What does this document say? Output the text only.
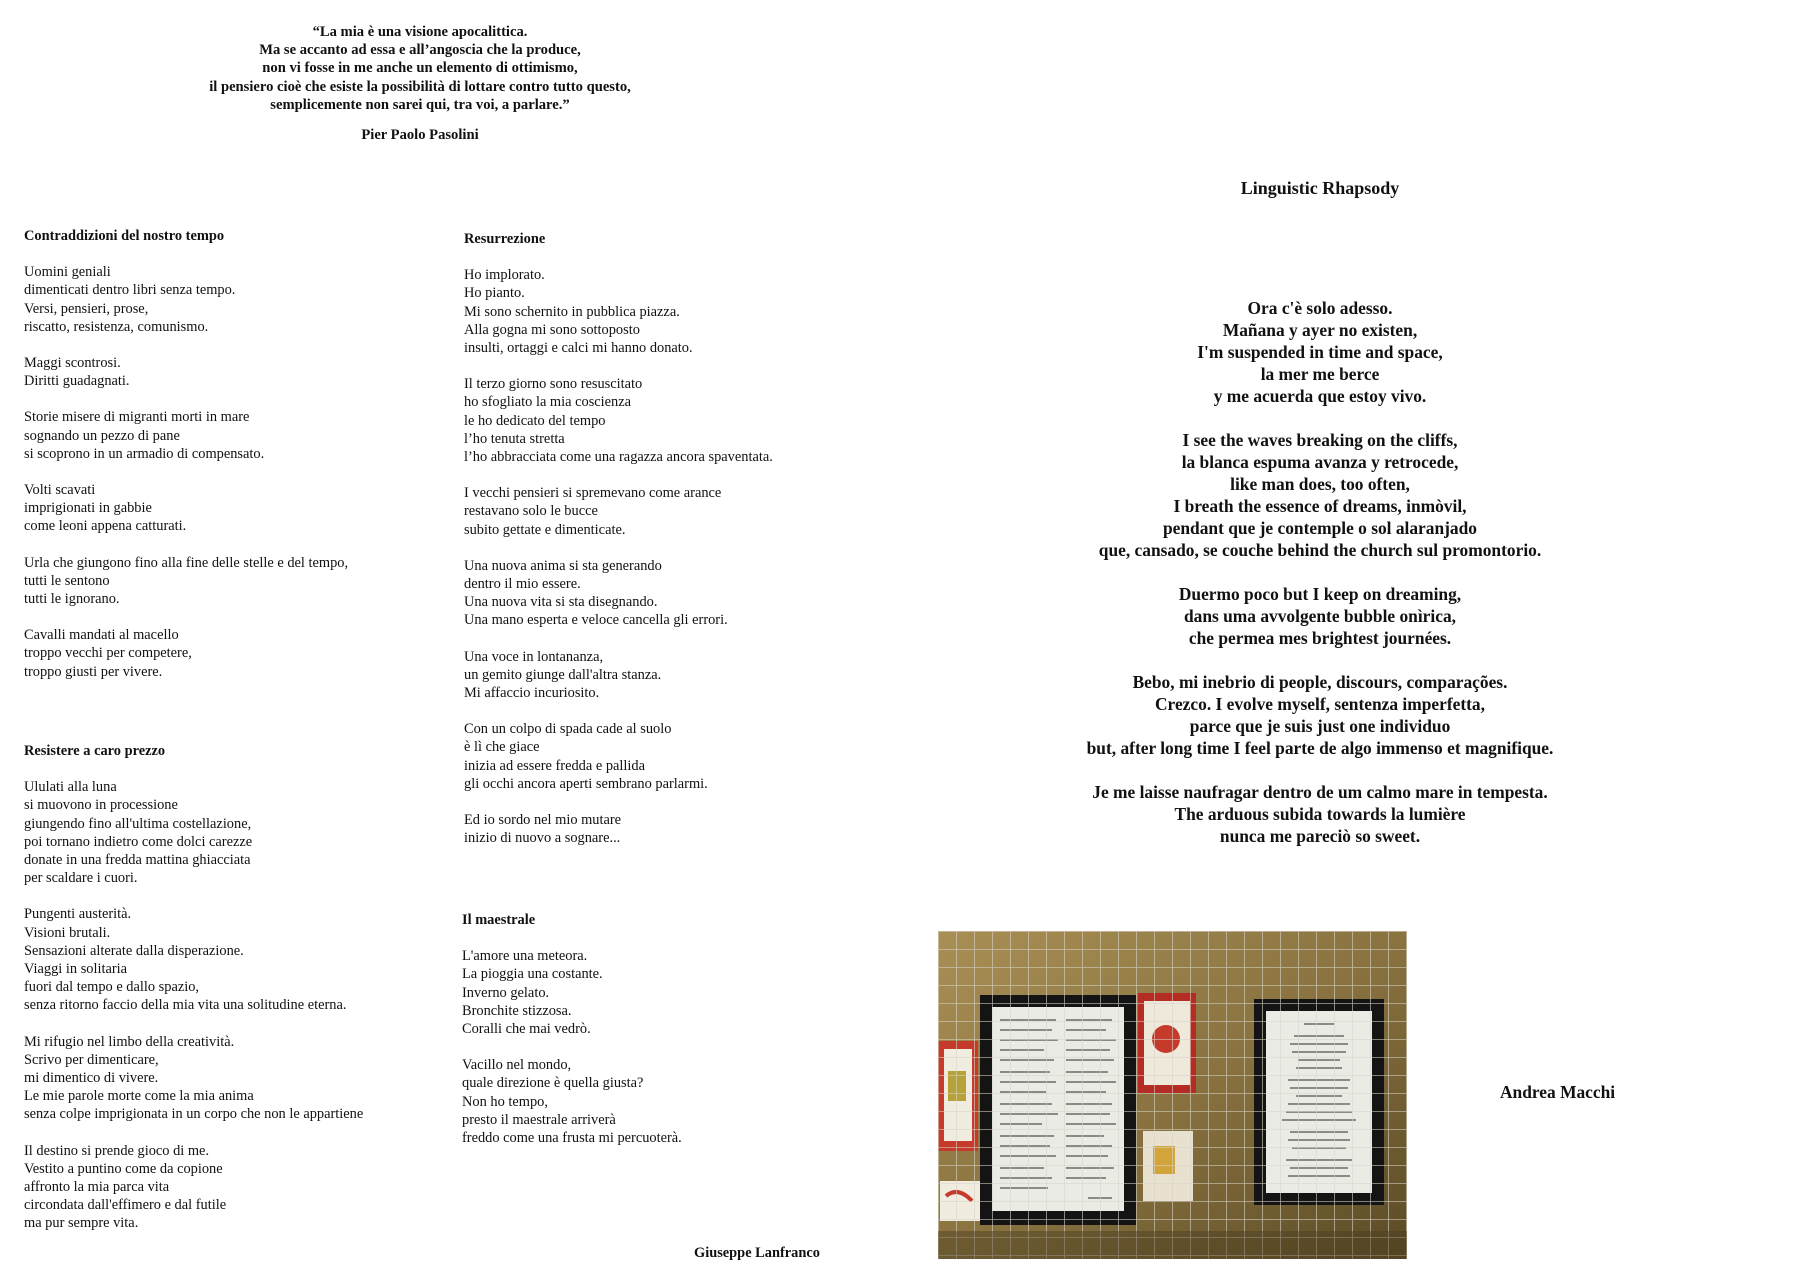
“La mia è una visione apocalittica.
Ma se accanto ad essa e all’angoscia che la produce,
non vi fosse in me anche un elemento di ottimismo,
il pensiero cioè che esiste la possibilità di lottare contro tutto questo,
semplicemente non sarei qui, tra voi, a parlare.”
Pier Paolo Pasolini
Contraddizioni del nostro tempo
Uomini geniali
dimenticati dentro libri senza tempo.
Versi, pensieri, prose,
riscatto, resistenza, comunismo.
Maggi scontrosi.
Diritti guadagnati.
Storie misere di migranti morti in mare
sognando un pezzo di pane
si scoprono in un armadio di compensato.
Volti scavati
imprigionati in gabbie
come leoni appena catturati.
Urla che giungono fino alla fine delle stelle e del tempo,
tutti le sentono
tutti le ignorano.
Cavalli mandati al macello
troppo vecchi per competere,
troppo giusti per vivere.
Resistere a caro prezzo
Ululati alla luna
si muovono in processione
giungendo fino all'ultima costellazione,
poi tornano indietro come dolci carezze
donate in una fredda mattina ghiacciata
per scaldare i cuori.
Pungenti austerità.
Visioni brutali.
Sensazioni alterate dalla disperazione.
Viaggi in solitaria
fuori dal tempo e dallo spazio,
senza ritorno faccio della mia vita una solitudine eterna.
Mi rifugio nel limbo della creatività.
Scrivo per dimenticare,
mi dimentico di vivere.
Le mie parole morte come la mia anima
senza colpe imprigionata in un corpo che non le appartiene
Il destino si prende gioco di me.
Vestito a puntino come da copione
affronto la mia parca vita
circondata dall'effimero e dal futile
ma pur sempre vita.
Resurrezione
Ho implorato.
Ho pianto.
Mi sono schernito in pubblica piazza.
Alla gogna mi sono sottoposto
insulti, ortaggi e calci mi hanno donato.
Il terzo giorno sono resuscitato
ho sfogliato la mia coscienza
le ho dedicato del tempo
l’ho tenuta stretta
l’ho abbracciata come una ragazza ancora spaventata.
I vecchi pensieri si spremevano come arance
restavano solo le bucce
subito gettate e dimenticate.
Una nuova anima si sta generando
dentro il mio essere.
Una nuova vita si sta disegnando.
Una mano esperta e veloce cancella gli errori.
Una voce in lontananza,
un gemito giunge dall'altra stanza.
Mi affaccio incuriosito.
Con un colpo di spada cade al suolo
è lì che giace
inizia ad essere fredda e pallida
gli occhi ancora aperti sembrano parlarmi.
Ed io sordo nel mio mutare
inizio di nuovo a sognare...
Il maestrale
L'amore una meteora.
La pioggia una costante.
Inverno gelato.
Bronchite stizzosa.
Coralli che mai vedrò.
Vacillo nel mondo,
quale direzione è quella giusta?
Non ho tempo,
presto il maestrale arriverà
freddo come una frusta mi percuoterà.
Giuseppe Lanfranco
Linguistic Rhapsody
Ora c'è solo adesso.
Mañana y ayer no existen,
I'm suspended in time and space,
la mer me berce
y me acuerda que estoy vivo.
I see the waves breaking on the cliffs,
la blanca espuma avanza y retrocede,
like man does, too often,
I breath the essence of dreams, inmòvil,
pendant que je contemple o sol alaranjado
que, cansado, se couche behind the church sul promontorio.
Duermo poco but I keep on dreaming,
dans uma avvolgente bubble onìrica,
che permea mes brightest journées.
Bebo, mi inebrio di people, discours, comparações.
Crezco. I evolve myself, sentenza imperfetta,
parce que je suis just one individuo
but, after long time I feel parte de algo immenso et magnifique.
Je me laisse naufragar dentro de um calmo mare in tempesta.
The arduous subida towards la lumière
nunca me pareciò so sweet.
Andrea Macchi
